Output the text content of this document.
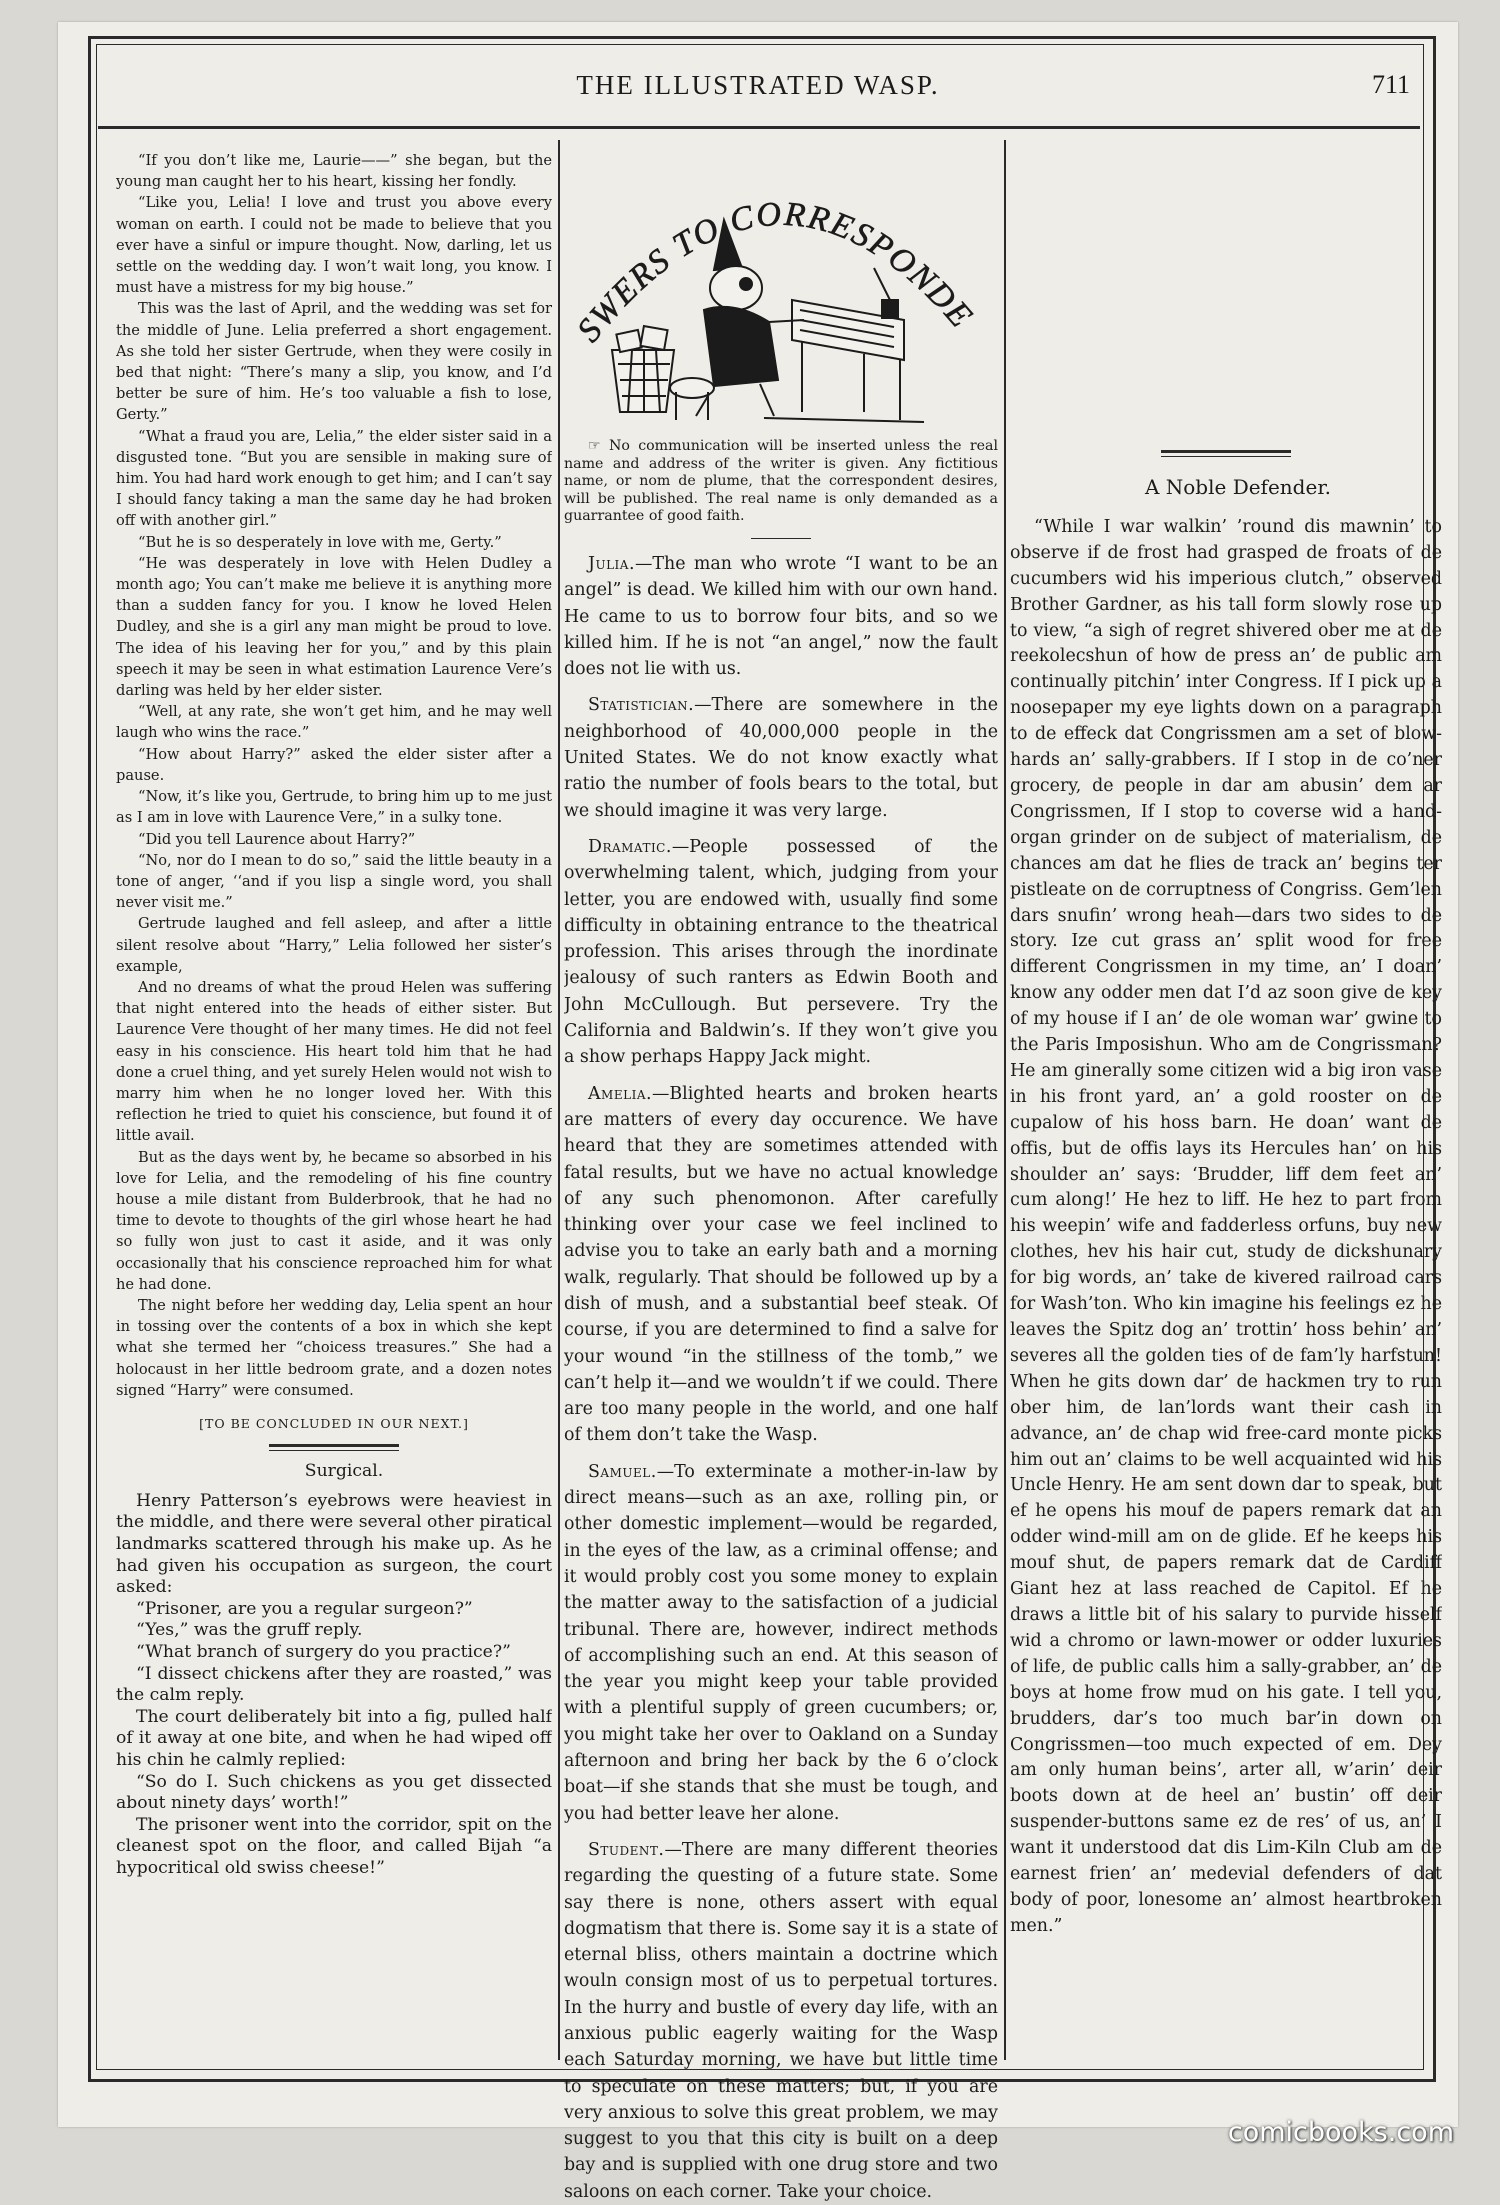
THE ILLUSTRATED WASP.	711

“If you don’t like me, Laurie——” she began, but the young man caught her to his heart, kissing her fondly.

“Like you, Lelia! I love and trust you above every woman on earth. I could not be made to believe that you ever have a sinful or impure thought. Now, darling, let us settle on the wedding day. I won’t wait long, you know. I must have a mistress for my big house.”

This was the last of April, and the wedding was set for the middle of June. Lelia preferred a short engagement. As she told her sister Gertrude, when they were cosily in bed that night: “There’s many a slip, you know, and I’d better be sure of him. He’s too valuable a fish to lose, Gerty.”

“What a fraud you are, Lelia,” the elder sister said in a disgusted tone. “But you are sensible in making sure of him. You had hard work enough to get him; and I can’t say I should fancy taking a man the same day he had broken off with another girl.”

“But he is so desperately in love with me, Gerty.”

“He was desperately in love with Helen Dudley a month ago; You can’t make me believe it is anything more than a sudden fancy for you. I know he loved Helen Dudley, and she is a girl any man might be proud to love. The idea of his leaving her for you,” and by this plain speech it may be seen in what estimation Laurence Vere’s darling was held by her elder sister.

“Well, at any rate, she won’t get him, and he may well laugh who wins the race.”

“How about Harry?” asked the elder sister after a pause.

“Now, it’s like you, Gertrude, to bring him up to me just as I am in love with Laurence Vere,” in a sulky tone.

“Did you tell Laurence about Harry?”

“No, nor do I mean to do so,” said the little beauty in a tone of anger, ‘‘and if you lisp a single word, you shall never visit me.”

Gertrude laughed and fell asleep, and after a little silent resolve about “Harry,” Lelia followed her sister’s example,

And no dreams of what the proud Helen was suffering that night entered into the heads of either sister. But Laurence Vere thought of her many times. He did not feel easy in his conscience. His heart told him that he had done a cruel thing, and yet surely Helen would not wish to marry him when he no longer loved her. With this reflection he tried to quiet his conscience, but found it of little avail.

But as the days went by, he became so absorbed in his love for Lelia, and the remodeling of his fine country house a mile distant from Bulderbrook, that he had no time to devote to thoughts of the girl whose heart he had so fully won just to cast it aside, and it was only occasionally that his conscience reproached him for what he had done.

The night before her wedding day, Lelia spent an hour in tossing over the contents of a box in which she kept what she termed her “choicess treasures.” She had a holocaust in her little bedroom grate, and a dozen notes signed “Harry” were consumed.

[TO BE CONCLUDED IN OUR NEXT.]

Surgical.

Henry Patterson’s eyebrows were heaviest in the middle, and there were several other piratical landmarks scattered through his make up. As he had given his occupation as surgeon, the court asked:

“Prisoner, are you a regular surgeon?”

“Yes,” was the gruff reply.

“What branch of surgery do you practice?”

“I dissect chickens after they are roasted,” was the calm reply.

The court deliberately bit into a fig, pulled half of it away at one bite, and when he had wiped off his chin he calmly replied:

“So do I. Such chickens as you get dissected about ninety days’ worth!”

The prisoner went into the corridor, spit on the cleanest spot on the floor, and called Bijah “a hypocritical old swiss cheese!”

SWERS TO CORRESPONDE

☞ No communication will be inserted unless the real name and address of the writer is given. Any fictitious name, or nom de plume, that the correspondent desires, will be published. The real name is only demanded as a guarrantee of good faith.

Julia.—The man who wrote “I want to be an angel” is dead. We killed him with our own hand. He came to us to borrow four bits, and so we killed him. If he is not “an angel,” now the fault does not lie with us.

Statistician.—There are somewhere in the neighborhood of 40,000,000 people in the United States. We do not know exactly what ratio the number of fools bears to the total, but we should imagine it was very large.

Dramatic.—People possessed of the overwhelming talent, which, judging from your letter, you are endowed with, usually find some difficulty in obtaining entrance to the theatrical profession. This arises through the inordinate jealousy of such ranters as Edwin Booth and John McCullough. But persevere. Try the California and Baldwin’s. If they won’t give you a show perhaps Happy Jack might.

Amelia.—Blighted hearts and broken hearts are matters of every day occurence. We have heard that they are sometimes attended with fatal results, but we have no actual knowledge of any such phenomonon. After carefully thinking over your case we feel inclined to advise you to take an early bath and a morning walk, regularly. That should be followed up by a dish of mush, and a substantial beef steak. Of course, if you are determined to find a salve for your wound “in the stillness of the tomb,” we can’t help it—and we wouldn’t if we could. There are too many people in the world, and one half of them don’t take the Wasp.

Samuel.—To exterminate a mother-in-law by direct means—such as an axe, rolling pin, or other domestic implement—would be regarded, in the eyes of the law, as a criminal offense; and it would probly cost you some money to explain the matter away to the satisfaction of a judicial tribunal. There are, however, indirect methods of accomplishing such an end. At this season of the year you might keep your table provided with a plentiful supply of green cucumbers; or, you might take her over to Oakland on a Sunday afternoon and bring her back by the 6 o’clock boat—if she stands that she must be tough, and you had better leave her alone.

Student.—There are many different theories regarding the questing of a future state. Some say there is none, others assert with equal dogmatism that there is. Some say it is a state of eternal bliss, others maintain a doctrine which wouln consign most of us to perpetual tortures. In the hurry and bustle of every day life, with an anxious public eagerly waiting for the Wasp each Saturday morning, we have but little time to speculate on these matters; but, if you are very anxious to solve this great problem, we may suggest to you that this city is built on a deep bay and is supplied with one drug store and two saloons on each corner. Take your choice.

A Noble Defender.

“While I war walkin’ ’round dis mawnin’ to observe if de frost had grasped de froats of de cucumbers wid his imperious clutch,” observed Brother Gardner, as his tall form slowly rose up to view, “a sigh of regret shivered ober me at de reekolecshun of how de press an’ de public am continually pitchin’ inter Congress. If I pick up a noosepaper my eye lights down on a paragraph to de effeck dat Congrissmen am a set of blow-hards an’ sally-grabbers. If I stop in de co’ner grocery, de people in dar am abusin’ dem ar Congrissmen, If I stop to coverse wid a hand-organ grinder on de subject of materialism, de chances am dat he flies de track an’ begins ter pistleate on de corruptness of Congriss. Gem’len dars snufin’ wrong heah—dars two sides to de story. Ize cut grass an’ split wood for free different Congrissmen in my time, an’ I doan’ know any odder men dat I’d az soon give de key of my house if I an’ de ole woman war’ gwine to the Paris Imposishun. Who am de Congrissman? He am ginerally some citizen wid a big iron vase in his front yard, an’ a gold rooster on de cupalow of his hoss barn. He doan’ want de offis, but de offis lays its Hercules han’ on his shoulder an’ says: ‘Brudder, liff dem feet an’ cum along!’ He hez to liff. He hez to part from his weepin’ wife and fadderless orfuns, buy new clothes, hev his hair cut, study de dickshunary for big words, an’ take de kivered railroad cars for Wash’ton. Who kin imagine his feelings ez he leaves the Spitz dog an’ trottin’ hoss behin’ an’ severes all the golden ties of de fam’ly harfstun! When he gits down dar’ de hackmen try to run ober him, de lan’lords want their cash in advance, an’ de chap wid free-card monte picks him out an’ claims to be well acquainted wid his Uncle Henry. He am sent down dar to speak, but ef he opens his mouf de papers remark dat an odder wind-mill am on de glide. Ef he keeps his mouf shut, de papers remark dat de Cardiff Giant hez at lass reached de Capitol. Ef he draws a little bit of his salary to purvide hisself wid a chromo or lawn-mower or odder luxuries of life, de public calls him a sally-grabber, an’ de boys at home frow mud on his gate. I tell you, brudders, dar’s too much bar’in down on Congrissmen—too much expected of em. Dey am only human beins’, arter all, w’arin’ deir boots down at de heel an’ bustin’ off deir suspender-buttons same ez de res’ of us, an’ I want it understood dat dis Lim-Kiln Club am de earnest frien’ an’ medevial defenders of dat body of poor, lonesome an’ almost heartbroken men.”

comicbooks.com
